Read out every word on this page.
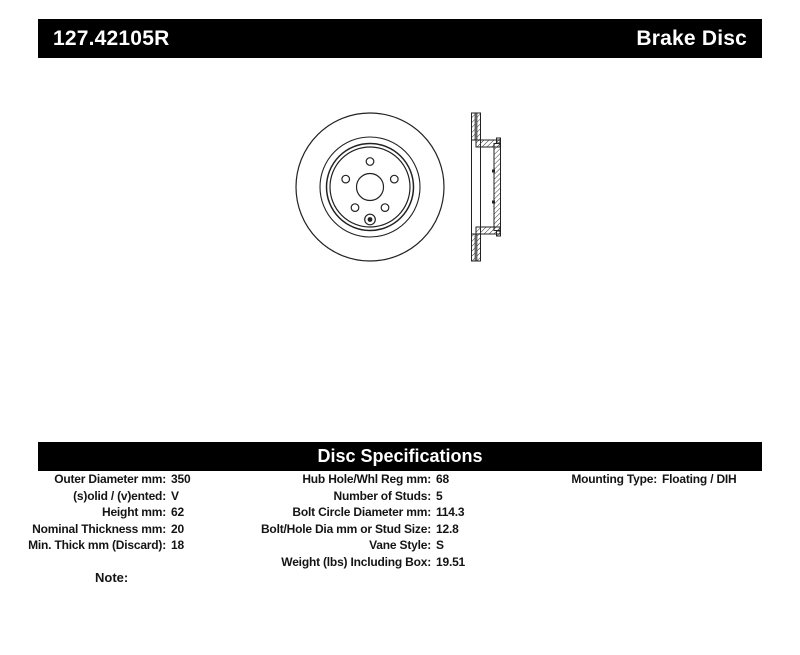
127.42105R	Brake Disc
Disc Specifications
Outer Diameter mm: 350
(s)olid / (v)ented: V
Height mm: 62
Nominal Thickness mm: 20
Min. Thick mm (Discard): 18
Hub Hole/Whl Reg mm: 68
Number of Studs: 5
Bolt Circle Diameter mm: 114.3
Bolt/Hole Dia mm or Stud Size: 12.8
Vane Style: S
Weight (lbs) Including Box: 19.51
Mounting Type: Floating / DIH
Note:
